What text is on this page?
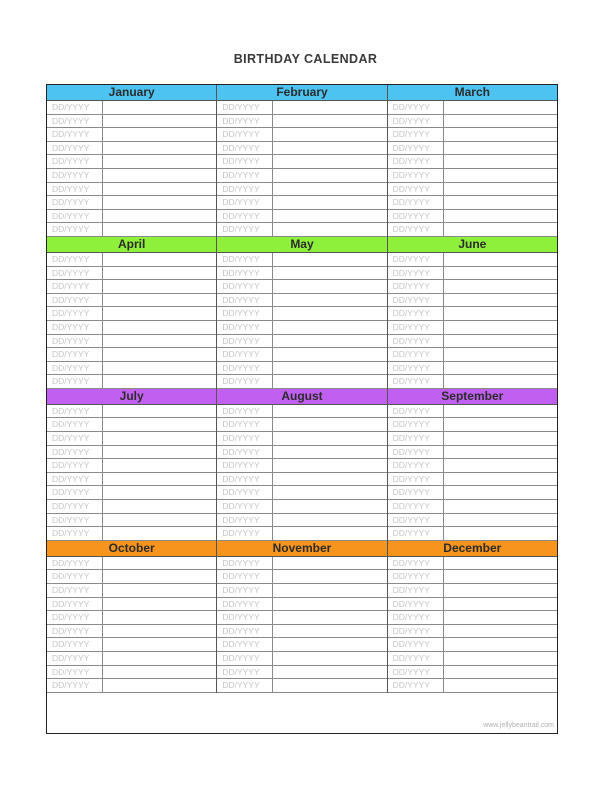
BIRTHDAY CALENDAR
January
DD/YYYY
DD/YYYY
DD/YYYY
DD/YYYY
DD/YYYY
DD/YYYY
DD/YYYY
DD/YYYY
DD/YYYY
DD/YYYY
February
DD/YYYY
DD/YYYY
DD/YYYY
DD/YYYY
DD/YYYY
DD/YYYY
DD/YYYY
DD/YYYY
DD/YYYY
DD/YYYY
March
DD/YYYY
DD/YYYY
DD/YYYY
DD/YYYY
DD/YYYY
DD/YYYY
DD/YYYY
DD/YYYY
DD/YYYY
DD/YYYY
April
DD/YYYY
DD/YYYY
DD/YYYY
DD/YYYY
DD/YYYY
DD/YYYY
DD/YYYY
DD/YYYY
DD/YYYY
DD/YYYY
May
DD/YYYY
DD/YYYY
DD/YYYY
DD/YYYY
DD/YYYY
DD/YYYY
DD/YYYY
DD/YYYY
DD/YYYY
DD/YYYY
June
DD/YYYY
DD/YYYY
DD/YYYY
DD/YYYY
DD/YYYY
DD/YYYY
DD/YYYY
DD/YYYY
DD/YYYY
DD/YYYY
July
DD/YYYY
DD/YYYY
DD/YYYY
DD/YYYY
DD/YYYY
DD/YYYY
DD/YYYY
DD/YYYY
DD/YYYY
DD/YYYY
August
DD/YYYY
DD/YYYY
DD/YYYY
DD/YYYY
DD/YYYY
DD/YYYY
DD/YYYY
DD/YYYY
DD/YYYY
DD/YYYY
September
DD/YYYY
DD/YYYY
DD/YYYY
DD/YYYY
DD/YYYY
DD/YYYY
DD/YYYY
DD/YYYY
DD/YYYY
DD/YYYY
October
DD/YYYY
DD/YYYY
DD/YYYY
DD/YYYY
DD/YYYY
DD/YYYY
DD/YYYY
DD/YYYY
DD/YYYY
DD/YYYY
November
DD/YYYY
DD/YYYY
DD/YYYY
DD/YYYY
DD/YYYY
DD/YYYY
DD/YYYY
DD/YYYY
DD/YYYY
DD/YYYY
December
DD/YYYY
DD/YYYY
DD/YYYY
DD/YYYY
DD/YYYY
DD/YYYY
DD/YYYY
DD/YYYY
DD/YYYY
DD/YYYY
www.jellybeantrail.com
